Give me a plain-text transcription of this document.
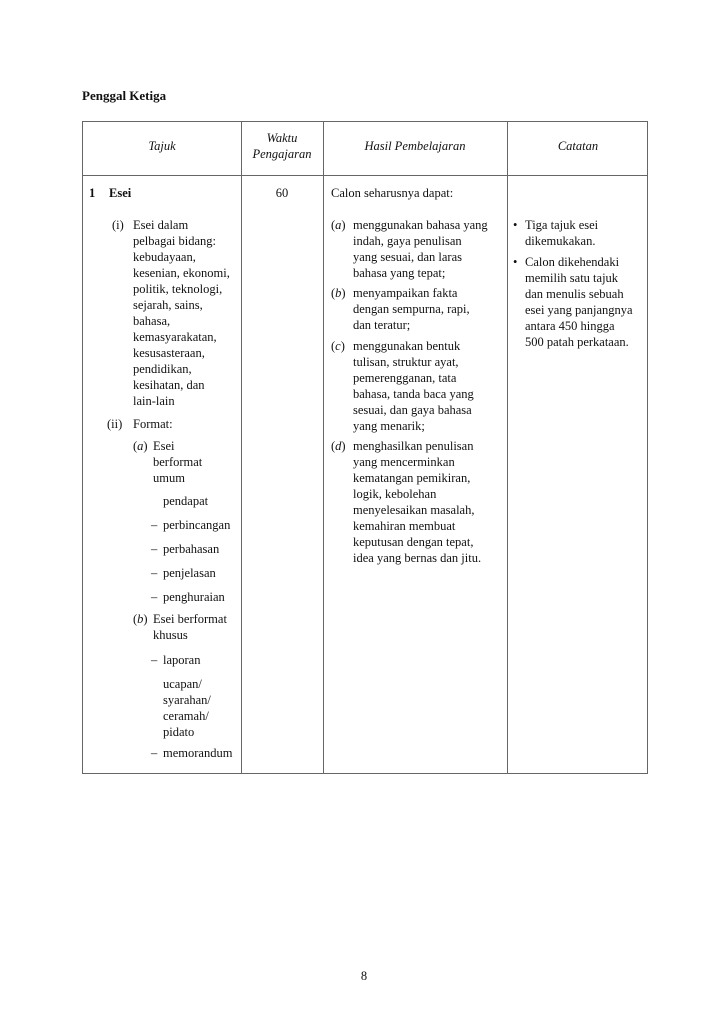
Penggal Ketiga
Tajuk
Waktu
Pengajaran
Hasil Pembelajaran	Catatan
1 Esei
(i) Esei dalam
pelbagai bidang:
kebudayaan,
kesenian, ekonomi,
politik, teknologi,
sejarah, sains,
bahasa,
kemasyarakatan,
kesusasteraan,
pendidikan,
kesihatan, dan
lain-lain
(ii) Format:
(a) Esei
berformat
umum
pendapat
– perbincangan
– perbahasan
– penjelasan
– penghuraian
(b) Esei berformat
khusus
– laporan
ucapan/
syarahan/
ceramah/
pidato
– memorandum
60	Calon seharusnya dapat:
(a) menggunakan bahasa yang
indah, gaya penulisan
yang sesuai, dan laras
bahasa yang tepat;
(b) menyampaikan fakta
dengan sempurna, rapi,
dan teratur;
(c) menggunakan bentuk
tulisan, struktur ayat,
pemerengganan, tata
bahasa, tanda baca yang
sesuai, dan gaya bahasa
yang menarik;
(d) menghasilkan penulisan
yang mencerminkan
kematangan pemikiran,
logik, kebolehan
menyelesaikan masalah,
kemahiran membuat
keputusan dengan tepat,
idea yang bernas dan jitu.
• Tiga tajuk esei
dikemukakan.
• Calon dikehendaki
memilih satu tajuk
dan menulis sebuah
esei yang panjangnya
antara 450 hingga
500 patah perkataan.
8
